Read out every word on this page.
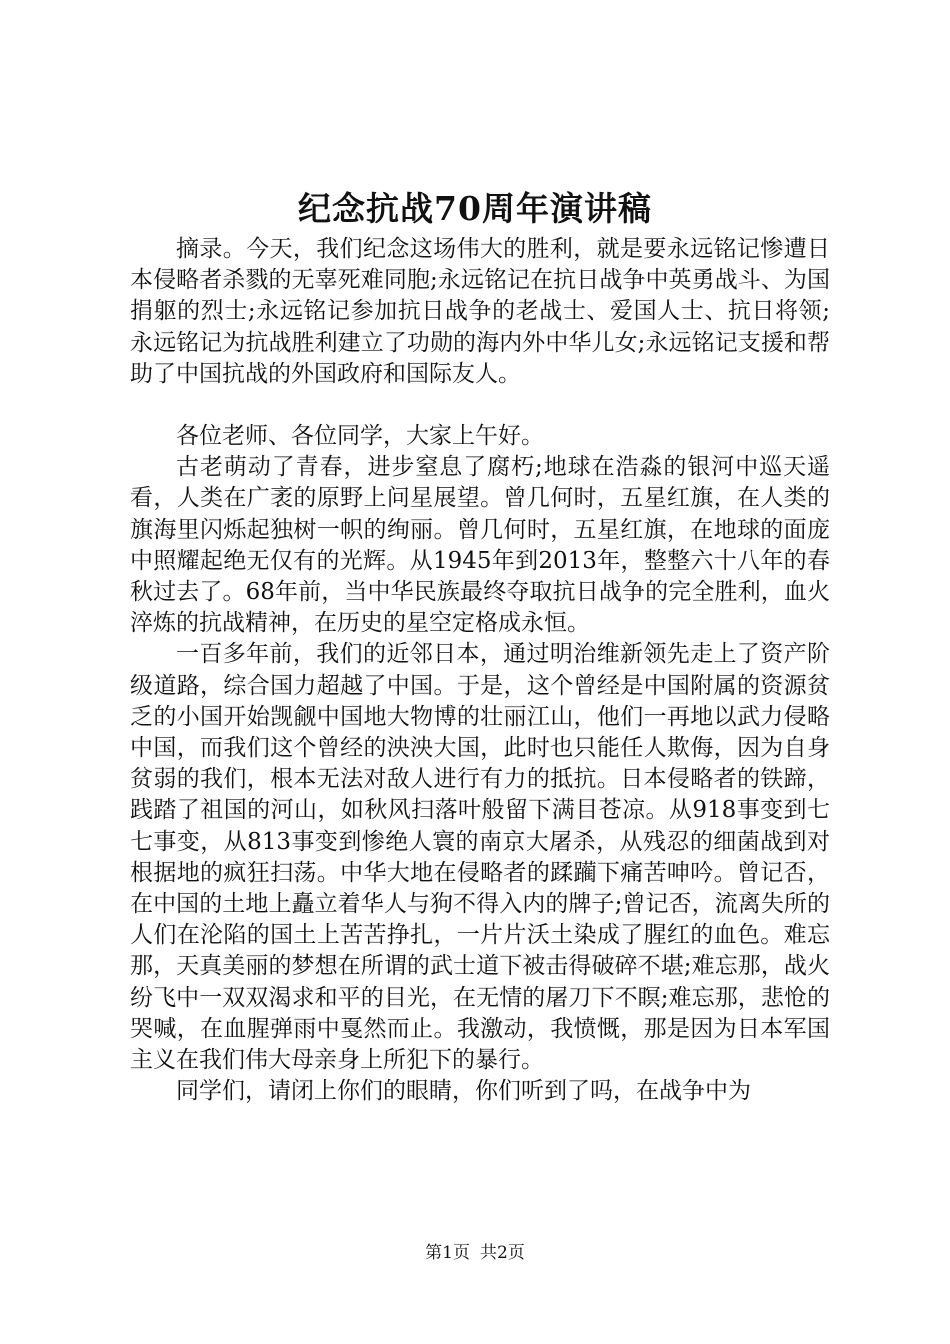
纪念抗战70周年演讲稿

摘录。今天，我们纪念这场伟大的胜利，就是要永远铭记惨遭日本侵略者杀戮的无辜死难同胞;永远铭记在抗日战争中英勇战斗、为国捐躯的烈士;永远铭记参加抗日战争的老战士、爱国人士、抗日将领;永远铭记为抗战胜利建立了功勋的海内外中华儿女;永远铭记支援和帮助了中国抗战的外国政府和国际友人。

各位老师、各位同学，大家上午好。

古老萌动了青春，进步窒息了腐朽;地球在浩淼的银河中巡天遥看，人类在广袤的原野上问星展望。曾几何时，五星红旗，在人类的旗海里闪烁起独树一帜的绚丽。曾几何时，五星红旗，在地球的面庞中照耀起绝无仅有的光辉。从1945年到2013年，整整六十八年的春秋过去了。68年前，当中华民族最终夺取抗日战争的完全胜利，血火淬炼的抗战精神，在历史的星空定格成永恒。

一百多年前，我们的近邻日本，通过明治维新领先走上了资产阶级道路，综合国力超越了中国。于是，这个曾经是中国附属的资源贫乏的小国开始觊觎中国地大物博的壮丽江山，他们一再地以武力侵略中国，而我们这个曾经的泱泱大国，此时也只能任人欺侮，因为自身贫弱的我们，根本无法对敌人进行有力的抵抗。日本侵略者的铁蹄，践踏了祖国的河山，如秋风扫落叶般留下满目苍凉。从918事变到七七事变，从813事变到惨绝人寰的南京大屠杀，从残忍的细菌战到对根据地的疯狂扫荡。中华大地在侵略者的蹂躏下痛苦呻吟。曾记否，在中国的土地上矗立着华人与狗不得入内的牌子;曾记否，流离失所的人们在沦陷的国土上苦苦挣扎，一片片沃土染成了腥红的血色。难忘那，天真美丽的梦想在所谓的武士道下被击得破碎不堪;难忘那，战火纷飞中一双双渴求和平的目光，在无情的屠刀下不瞑;难忘那，悲怆的哭喊，在血腥弹雨中戛然而止。我激动，我愤慨，那是因为日本军国主义在我们伟大母亲身上所犯下的暴行。

同学们，请闭上你们的眼睛，你们听到了吗，在战争中为

第1页 共2页
